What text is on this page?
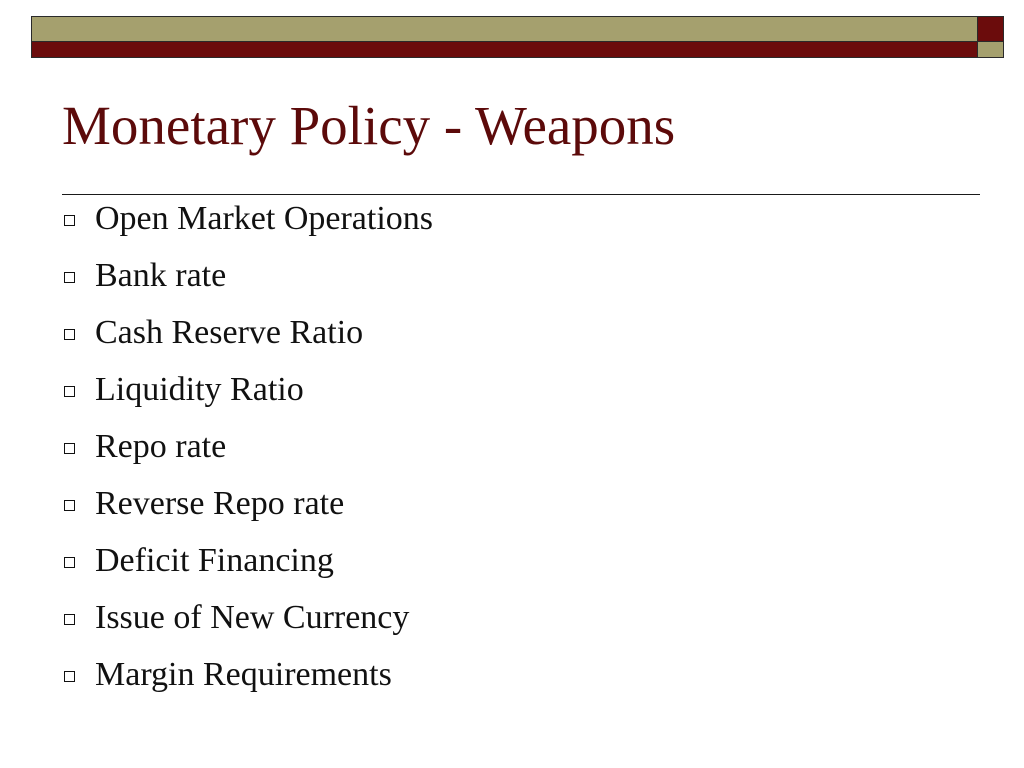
Monetary Policy - Weapons
Open Market Operations
Bank rate
Cash Reserve Ratio
Liquidity Ratio
Repo rate
Reverse Repo rate
Deficit Financing
Issue of New Currency
Margin Requirements
